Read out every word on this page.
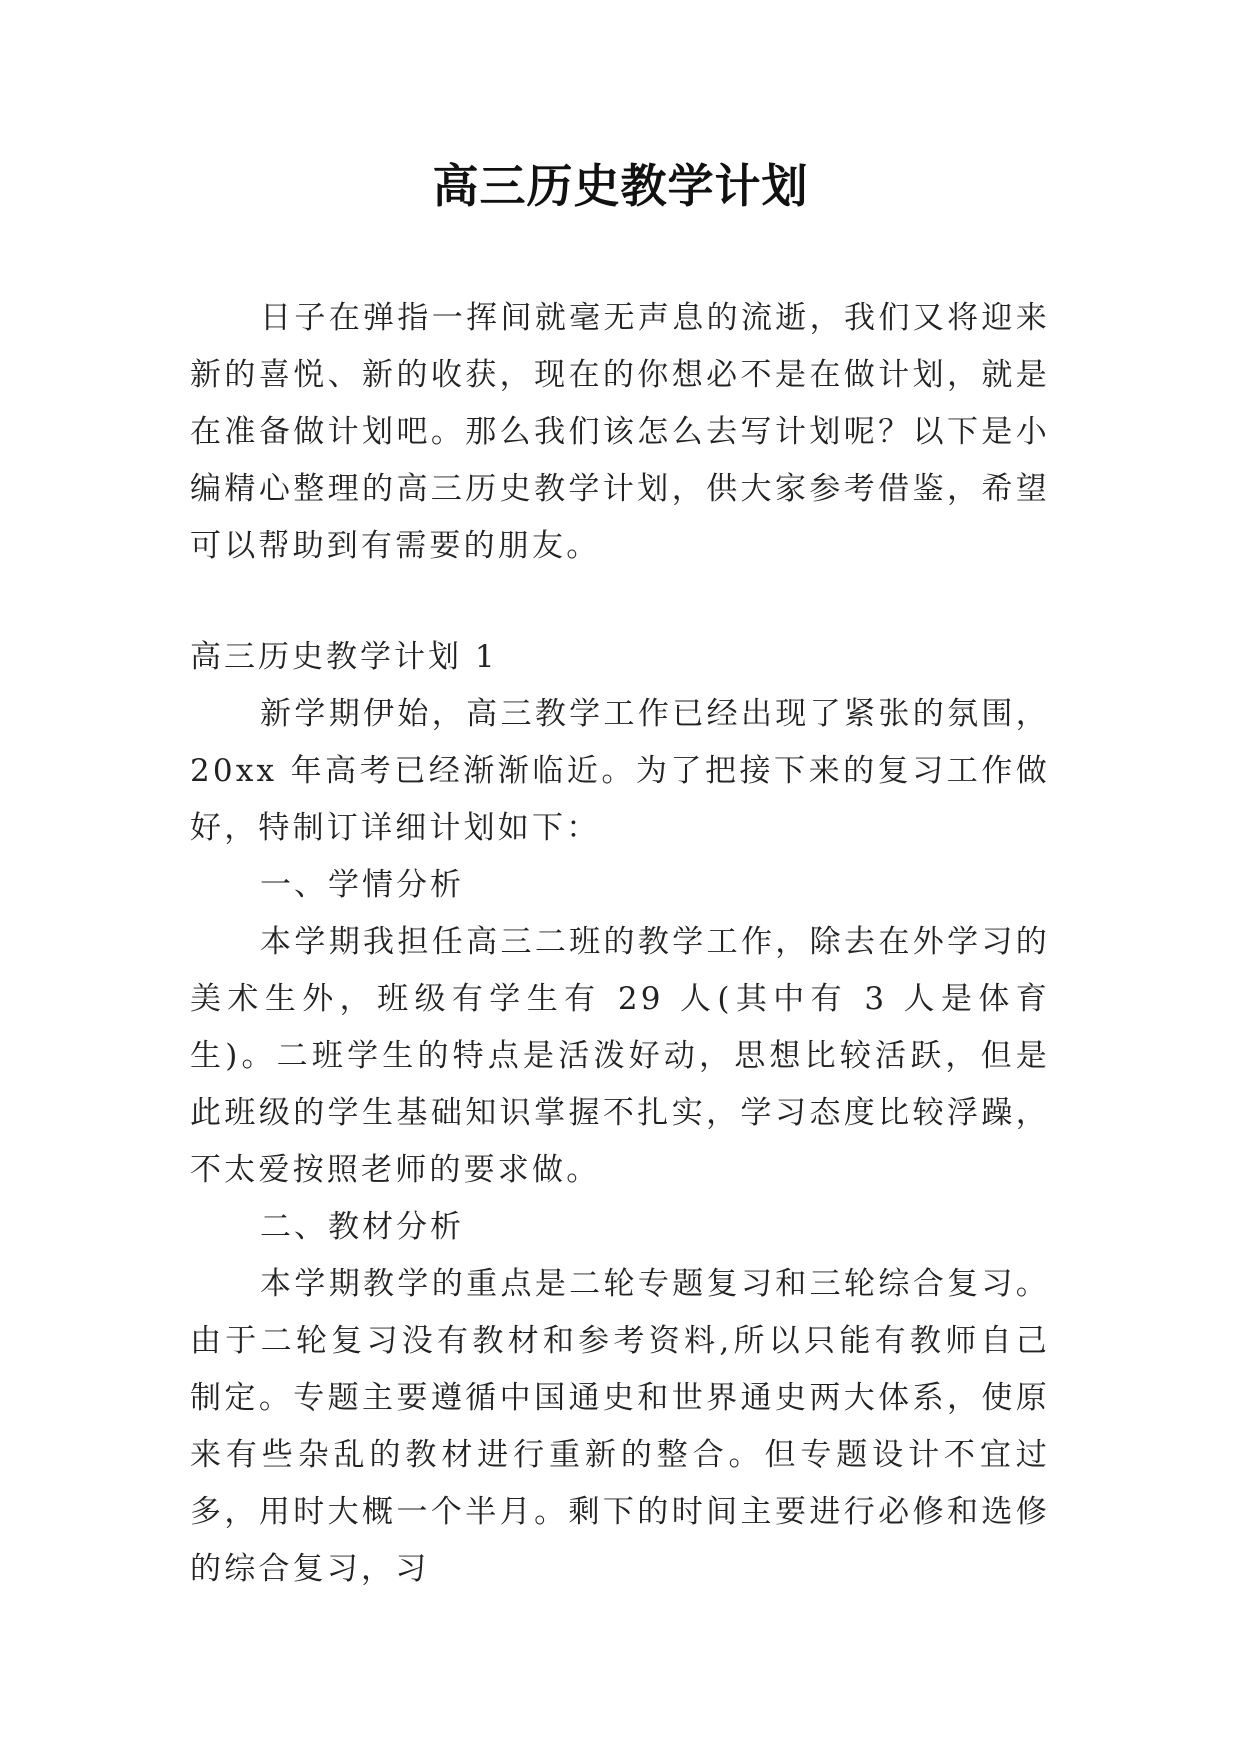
高三历史教学计划

日子在弹指一挥间就毫无声息的流逝，我们又将迎来新的喜悦、新的收获，现在的你想必不是在做计划，就是在准备做计划吧。那么我们该怎么去写计划呢？以下是小编精心整理的高三历史教学计划，供大家参考借鉴，希望可以帮助到有需要的朋友。

高三历史教学计划 1

新学期伊始，高三教学工作已经出现了紧张的氛围，20xx 年高考已经渐渐临近。为了把接下来的复习工作做好，特制订详细计划如下：

一、学情分析

本学期我担任高三二班的教学工作，除去在外学习的美术生外，班级有学生有 29 人(其中有 3 人是体育生)。二班学生的特点是活泼好动，思想比较活跃，但是此班级的学生基础知识掌握不扎实，学习态度比较浮躁，不太爱按照老师的要求做。

二、教材分析

本学期教学的重点是二轮专题复习和三轮综合复习。由于二轮复习没有教材和参考资料,所以只能有教师自己制定。专题主要遵循中国通史和世界通史两大体系，使原来有些杂乱的教材进行重新的整合。但专题设计不宜过多，用时大概一个半月。剩下的时间主要进行必修和选修的综合复习，习
